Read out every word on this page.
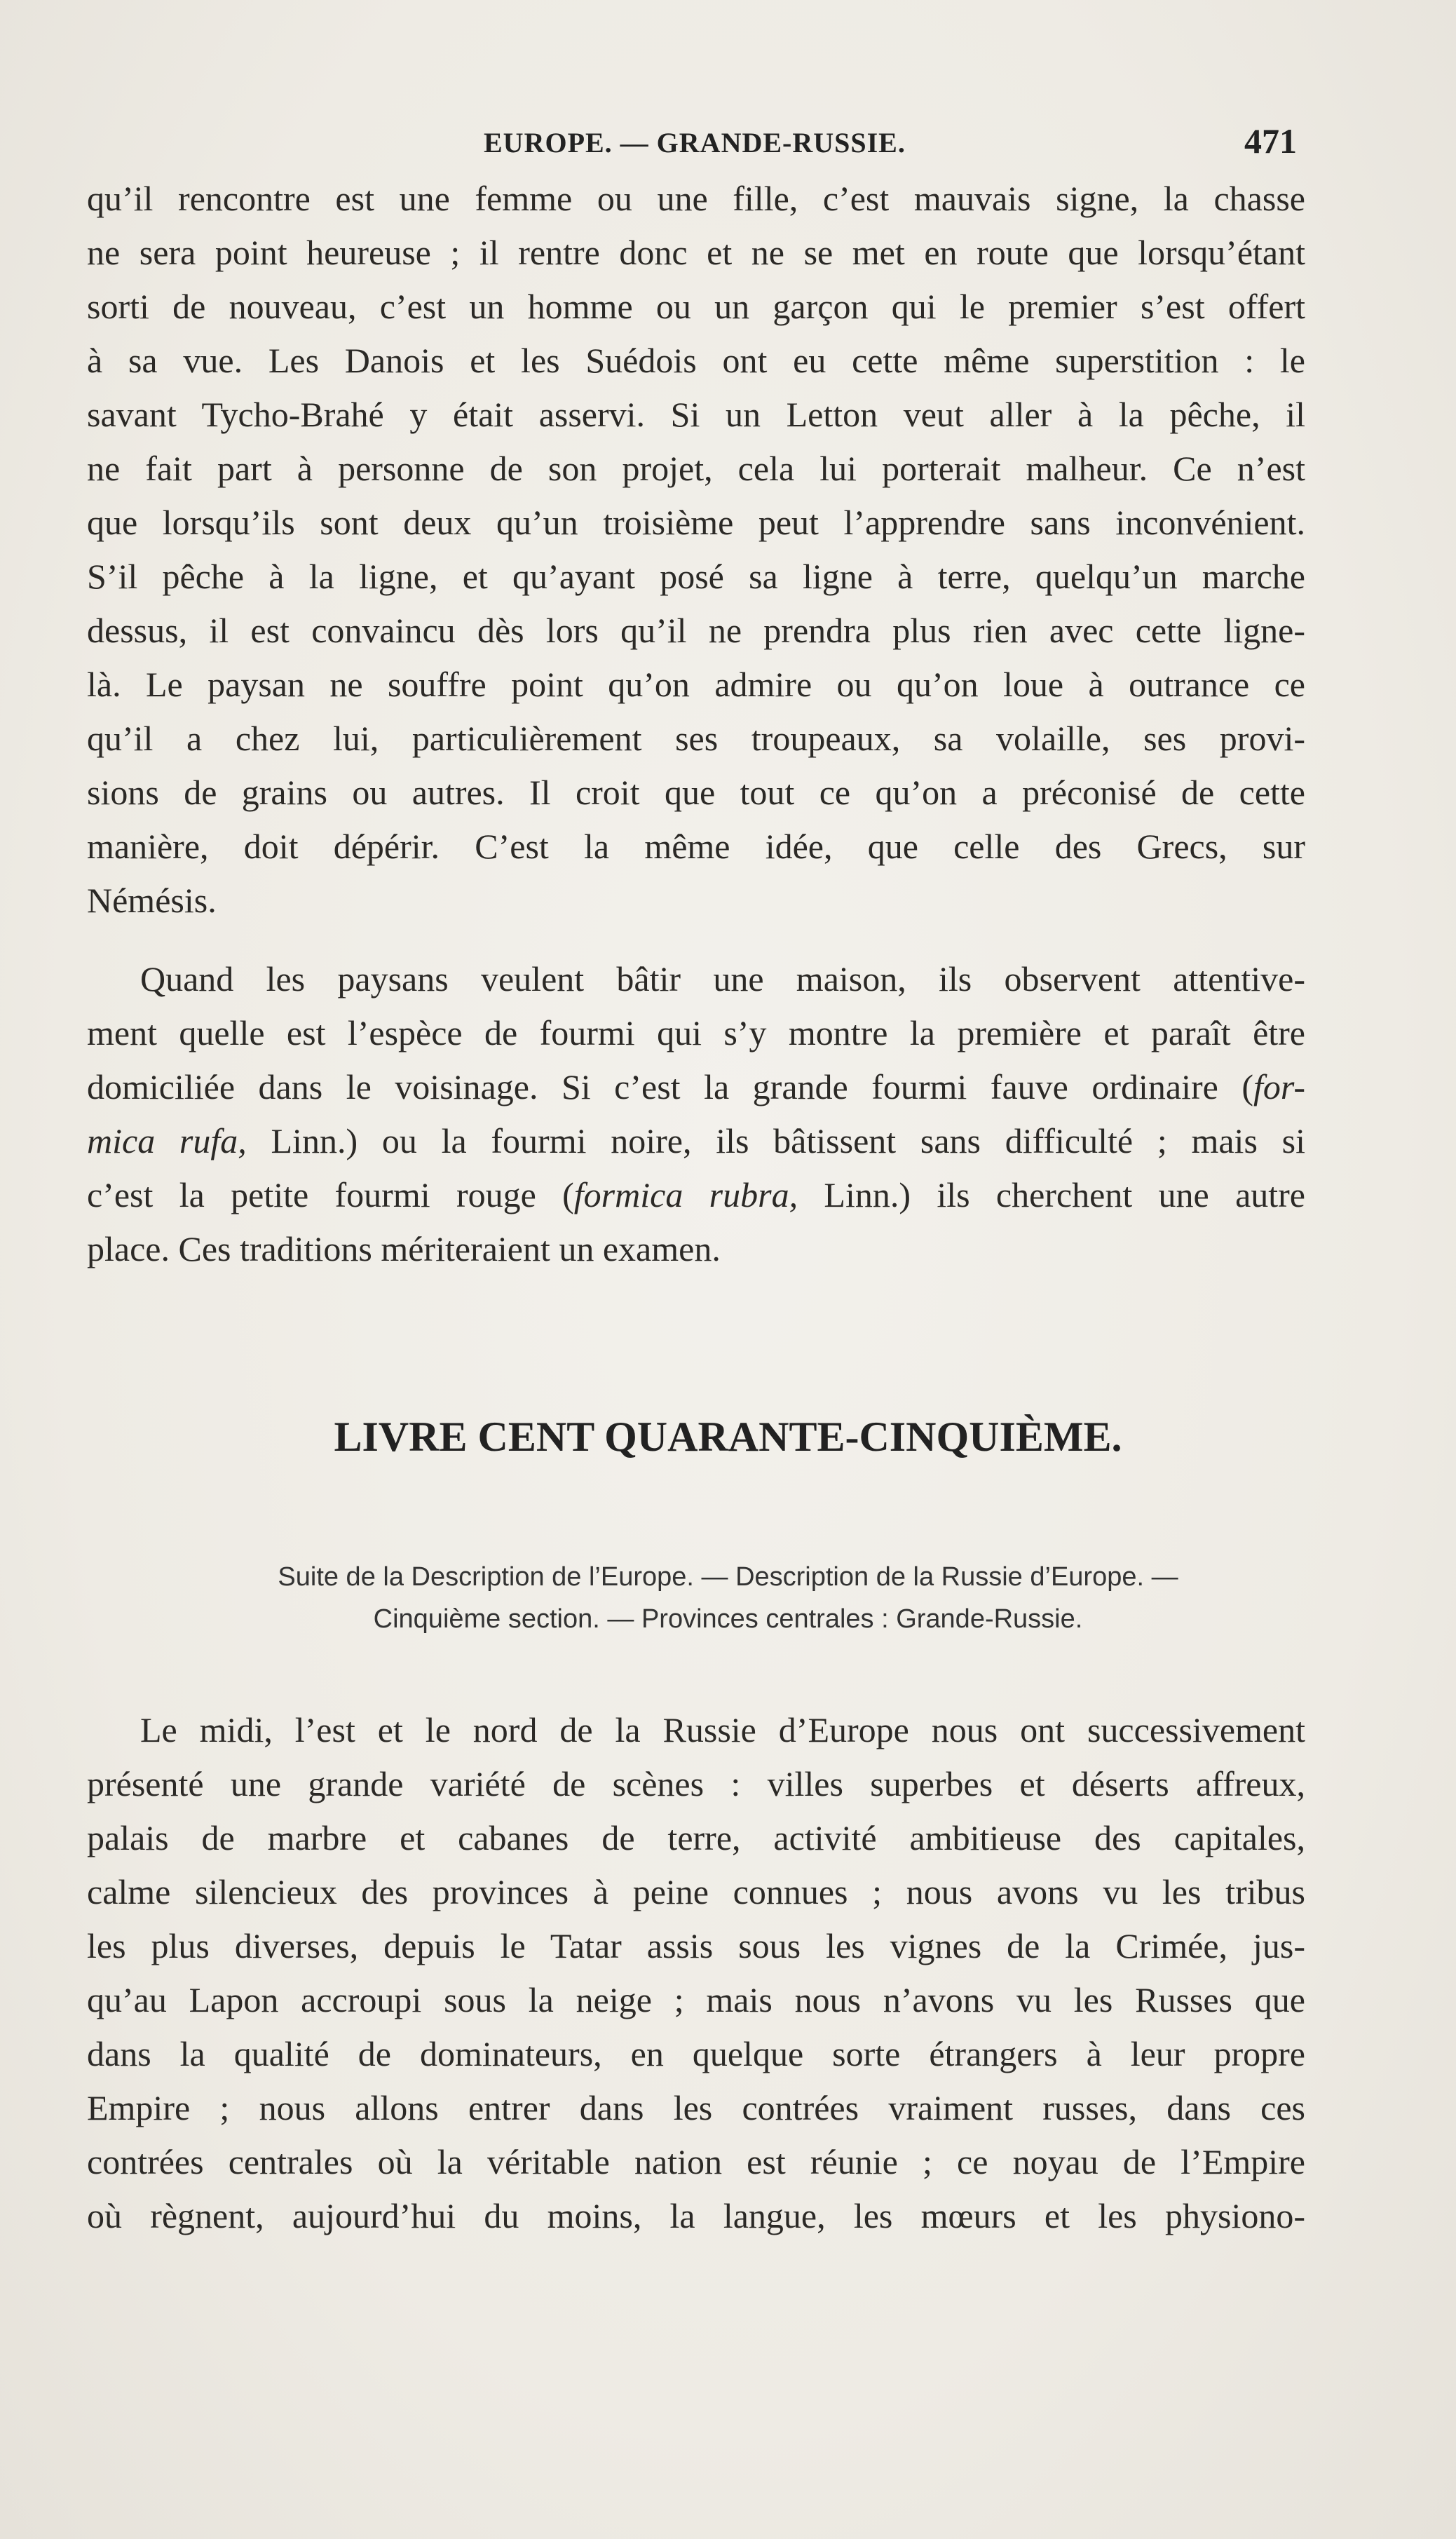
EUROPE. — GRANDE-RUSSIE.	471
qu’il rencontre est une femme ou une fille, c’est mauvais signe, la chasse
ne sera point heureuse ; il rentre donc et ne se met en route que lorsqu’étant
sorti de nouveau, c’est un homme ou un garçon qui le premier s’est offert
à sa vue. Les Danois et les Suédois ont eu cette même superstition : le
savant Tycho-Brahé y était asservi. Si un Letton veut aller à la pêche, il
ne fait part à personne de son projet, cela lui porterait malheur. Ce n’est
que lorsqu’ils sont deux qu’un troisième peut l’apprendre sans inconvénient.
S’il pêche à la ligne, et qu’ayant posé sa ligne à terre, quelqu’un marche
dessus, il est convaincu dès lors qu’il ne prendra plus rien avec cette ligne-
là. Le paysan ne souffre point qu’on admire ou qu’on loue à outrance ce
qu’il a chez lui, particulièrement ses troupeaux, sa volaille, ses provi-
sions de grains ou autres. Il croit que tout ce qu’on a préconisé de cette
manière, doit dépérir. C’est la même idée, que celle des Grecs, sur
Némésis.
Quand les paysans veulent bâtir une maison, ils observent attentive-
ment quelle est l’espèce de fourmi qui s’y montre la première et paraît être
domiciliée dans le voisinage. Si c’est la grande fourmi fauve ordinaire (for-
mica rufa, Linn.) ou la fourmi noire, ils bâtissent sans difficulté ; mais si
c’est la petite fourmi rouge (formica rubra, Linn.) ils cherchent une autre
place. Ces traditions mériteraient un examen.
LIVRE CENT QUARANTE-CINQUIÈME.
Suite de la Description de l’Europe. — Description de la Russie d’Europe. —
Cinquième section. — Provinces centrales : Grande-Russie.
Le midi, l’est et le nord de la Russie d’Europe nous ont successivement
présenté une grande variété de scènes : villes superbes et déserts affreux,
palais de marbre et cabanes de terre, activité ambitieuse des capitales,
calme silencieux des provinces à peine connues ; nous avons vu les tribus
les plus diverses, depuis le Tatar assis sous les vignes de la Crimée, jus-
qu’au Lapon accroupi sous la neige ; mais nous n’avons vu les Russes que
dans la qualité de dominateurs, en quelque sorte étrangers à leur propre
Empire ; nous allons entrer dans les contrées vraiment russes, dans ces
contrées centrales où la véritable nation est réunie ; ce noyau de l’Empire
où règnent, aujourd’hui du moins, la langue, les mœurs et les physiono-
